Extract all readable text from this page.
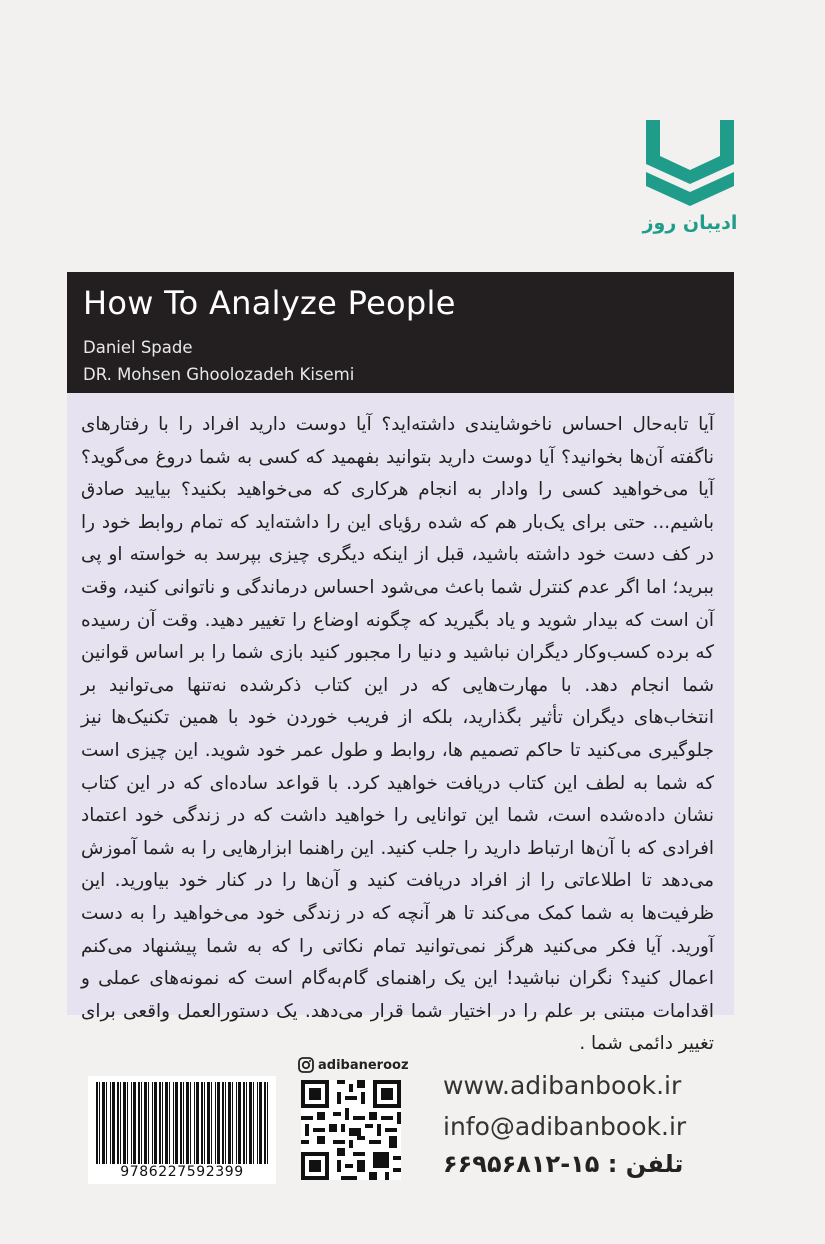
ادیبان روز
How To Analyze People
Daniel Spade
DR. Mohsen Ghoolozadeh Kisemi

آیا تابه‌حال احساس ناخوشایندی داشته‌اید؟ آیا دوست دارید افراد را با رفتارهای ناگفته آن‌ها بخوانید؟ آیا دوست دارید بتوانید بفهمید که کسی به شما دروغ می‌گوید؟ آیا می‌خواهید کسی را وادار به انجام هرکاری که می‌خواهید بکنید؟ بیایید صادق باشیم... حتی برای یک‌بار هم که شده رؤیای این را داشته‌اید که تمام روابط خود را در کف دست خود داشته باشید، قبل از اینکه دیگری چیزی بپرسد به خواسته او پی ببرید؛ اما اگر عدم کنترل شما باعث می‌شود احساس درماندگی و ناتوانی کنید، وقت آن است که بیدار شوید و یاد بگیرید که چگونه اوضاع را تغییر دهید. وقت آن رسیده که برده کسب‌وکار دیگران نباشید و دنیا را مجبور کنید بازی شما را بر اساس قوانین شما انجام دهد. با مهارت‌هایی که در این کتاب ذکرشده نه‌تنها می‌توانید بر انتخاب‌های دیگران تأثیر بگذارید، بلکه از فریب خوردن خود با همین تکنیک‌ها نیز جلوگیری می‌کنید تا حاکم تصمیم ها، روابط و طول عمر خود شوید. این چیزی است که شما به لطف این کتاب دریافت خواهید کرد. با قواعد ساده‌ای که در این کتاب نشان داده‌شده است، شما این توانایی را خواهید داشت که در زندگی خود اعتماد افرادی که با آن‌ها ارتباط دارید را جلب کنید. این راهنما ابزارهایی را به شما آموزش می‌دهد تا اطلاعاتی را از افراد دریافت کنید و آن‌ها را در کنار خود بیاورید. این ظرفیت‌ها به شما کمک می‌کند تا هر آنچه که در زندگی خود می‌خواهید را به دست آورید. آیا فکر می‌کنید هرگز نمی‌توانید تمام نکاتی را که به شما پیشنهاد می‌کنم اعمال کنید؟ نگران نباشید! این یک راهنمای گام‌به‌گام است که نمونه‌های عملی و اقدامات مبتنی بر علم را در اختیار شما قرار می‌دهد. یک دستورالعمل واقعی برای تغییر دائمی شما .

9786227592399
adibanerooz
www.adibanbook.ir
info@adibanbook.ir
تلفن : ۱۵-۶۶۹۵۶۸۱۲
